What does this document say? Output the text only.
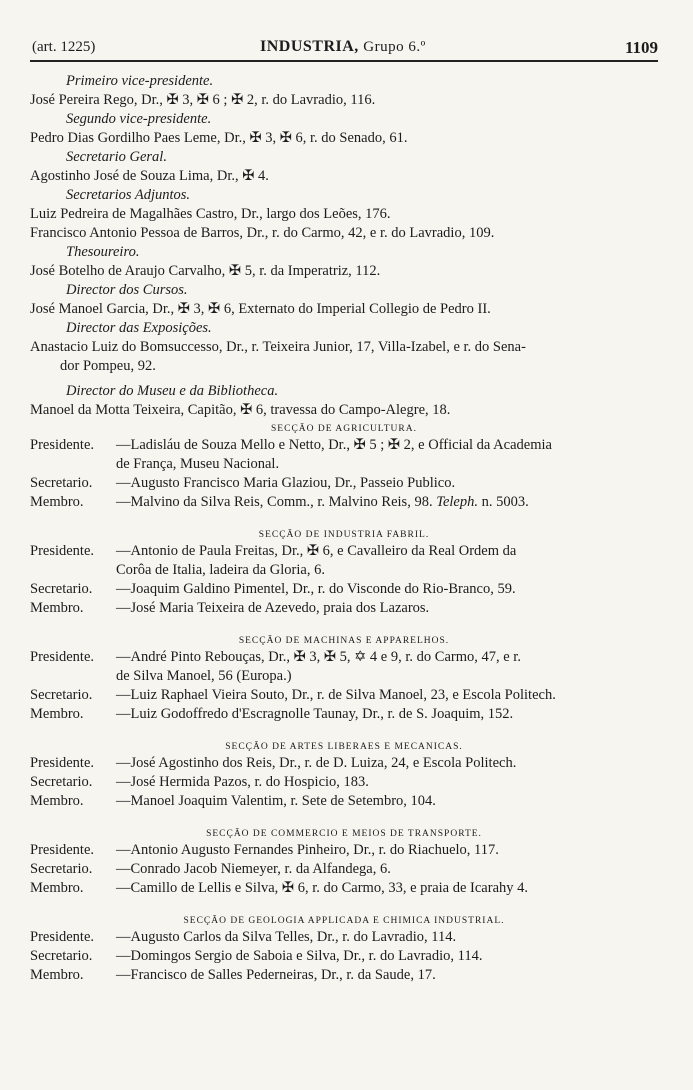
(art. 1225)	INDUSTRIA, Grupo 6.º	1109
Primeiro vice-presidente.
José Pereira Rego, Dr., ✠ 3, ✠ 6 ; ✠ 2, r. do Lavradio, 116.
Segundo vice-presidente.
Pedro Dias Gordilho Paes Leme, Dr., ✠ 3, ✠ 6, r. do Senado, 61.
Secretario Geral.
Agostinho José de Souza Lima, Dr., ✠ 4.
Secretarios Adjuntos.
Luiz Pedreira de Magalhães Castro, Dr., largo dos Leões, 176.
Francisco Antonio Pessoa de Barros, Dr., r. do Carmo, 42, e r. do Lavradio, 109.
Thesoureiro.
José Botelho de Araujo Carvalho, ✠ 5, r. da Imperatriz, 112.
Director dos Cursos.
José Manoel Garcia, Dr., ✠ 3, ✠ 6, Externato do Imperial Collegio de Pedro II.
Director das Exposições.
Anastacio Luiz do Bomsuccesso, Dr., r. Teixeira Junior, 17, Villa-Izabel, e r. do Sena-
dor Pompeu, 92.
Director do Museu e da Bibliotheca.
Manoel da Motta Teixeira, Capitão, ✠ 6, travessa do Campo-Alegre, 18.
SECÇÃO DE AGRICULTURA.
Presidente.	—Ladisláu de Souza Mello e Netto, Dr., ✠ 5 ; ✠ 2, e Official da Academia
de França, Museu Nacional.
Secretario.	—Augusto Francisco Maria Glaziou, Dr., Passeio Publico.
Membro.	—Malvino da Silva Reis, Comm., r. Malvino Reis, 98. Teleph. n. 5003.
SECÇÃO DE INDUSTRIA FABRIL.
Presidente.	—Antonio de Paula Freitas, Dr., ✠ 6, e Cavalleiro da Real Ordem da
Corôa de Italia, ladeira da Gloria, 6.
Secretario.	—Joaquim Galdino Pimentel, Dr., r. do Visconde do Rio-Branco, 59.
Membro.	—José Maria Teixeira de Azevedo, praia dos Lazaros.
SECÇÃO DE MACHINAS E APPARELHOS.
Presidente.	—André Pinto Rebouças, Dr., ✠ 3, ✠ 5, ✡ 4 e 9, r. do Carmo, 47, e r.
de Silva Manoel, 56 (Europa.)
Secretario.	—Luiz Raphael Vieira Souto, Dr., r. de Silva Manoel, 23, e Escola Politech.
Membro.	—Luiz Godoffredo d'Escragnolle Taunay, Dr., r. de S. Joaquim, 152.
SECÇÃO DE ARTES LIBERAES E MECANICAS.
Presidente.	—José Agostinho dos Reis, Dr., r. de D. Luiza, 24, e Escola Politech.
Secretario.	—José Hermida Pazos, r. do Hospicio, 183.
Membro.	—Manoel Joaquim Valentim, r. Sete de Setembro, 104.
SECÇÃO DE COMMERCIO E MEIOS DE TRANSPORTE.
Presidente.	—Antonio Augusto Fernandes Pinheiro, Dr., r. do Riachuelo, 117.
Secretario.	—Conrado Jacob Niemeyer, r. da Alfandega, 6.
Membro.	—Camillo de Lellis e Silva, ✠ 6, r. do Carmo, 33, e praia de Icarahy 4.
SECÇÃO DE GEOLOGIA APPLICADA E CHIMICA INDUSTRIAL.
Presidente.	—Augusto Carlos da Silva Telles, Dr., r. do Lavradio, 114.
Secretario.	—Domingos Sergio de Saboia e Silva, Dr., r. do Lavradio, 114.
Membro.	—Francisco de Salles Pederneiras, Dr., r. da Saude, 17.
